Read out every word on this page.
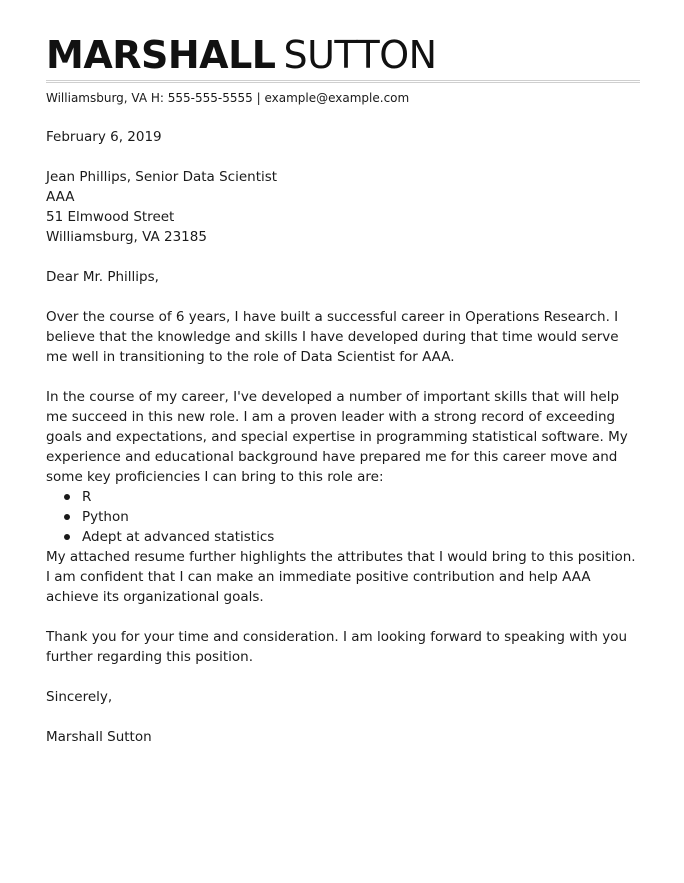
MARSHALL SUTTON
Williamsburg, VA H: 555-555-5555 | example@example.com

February 6, 2019

Jean Phillips, Senior Data Scientist
AAA
51 Elmwood Street
Williamsburg, VA 23185

Dear Mr. Phillips,

Over the course of 6 years, I have built a successful career in Operations Research. I believe that the knowledge and skills I have developed during that time would serve me well in transitioning to the role of Data Scientist for AAA.

In the course of my career, I've developed a number of important skills that will help me succeed in this new role. I am a proven leader with a strong record of exceeding goals and expectations, and special expertise in programming statistical software. My experience and educational background have prepared me for this career move and some key proficiencies I can bring to this role are:

R
Python
Adept at advanced statistics

My attached resume further highlights the attributes that I would bring to this position. I am confident that I can make an immediate positive contribution and help AAA achieve its organizational goals.

Thank you for your time and consideration. I am looking forward to speaking with you further regarding this position.

Sincerely,

Marshall Sutton
